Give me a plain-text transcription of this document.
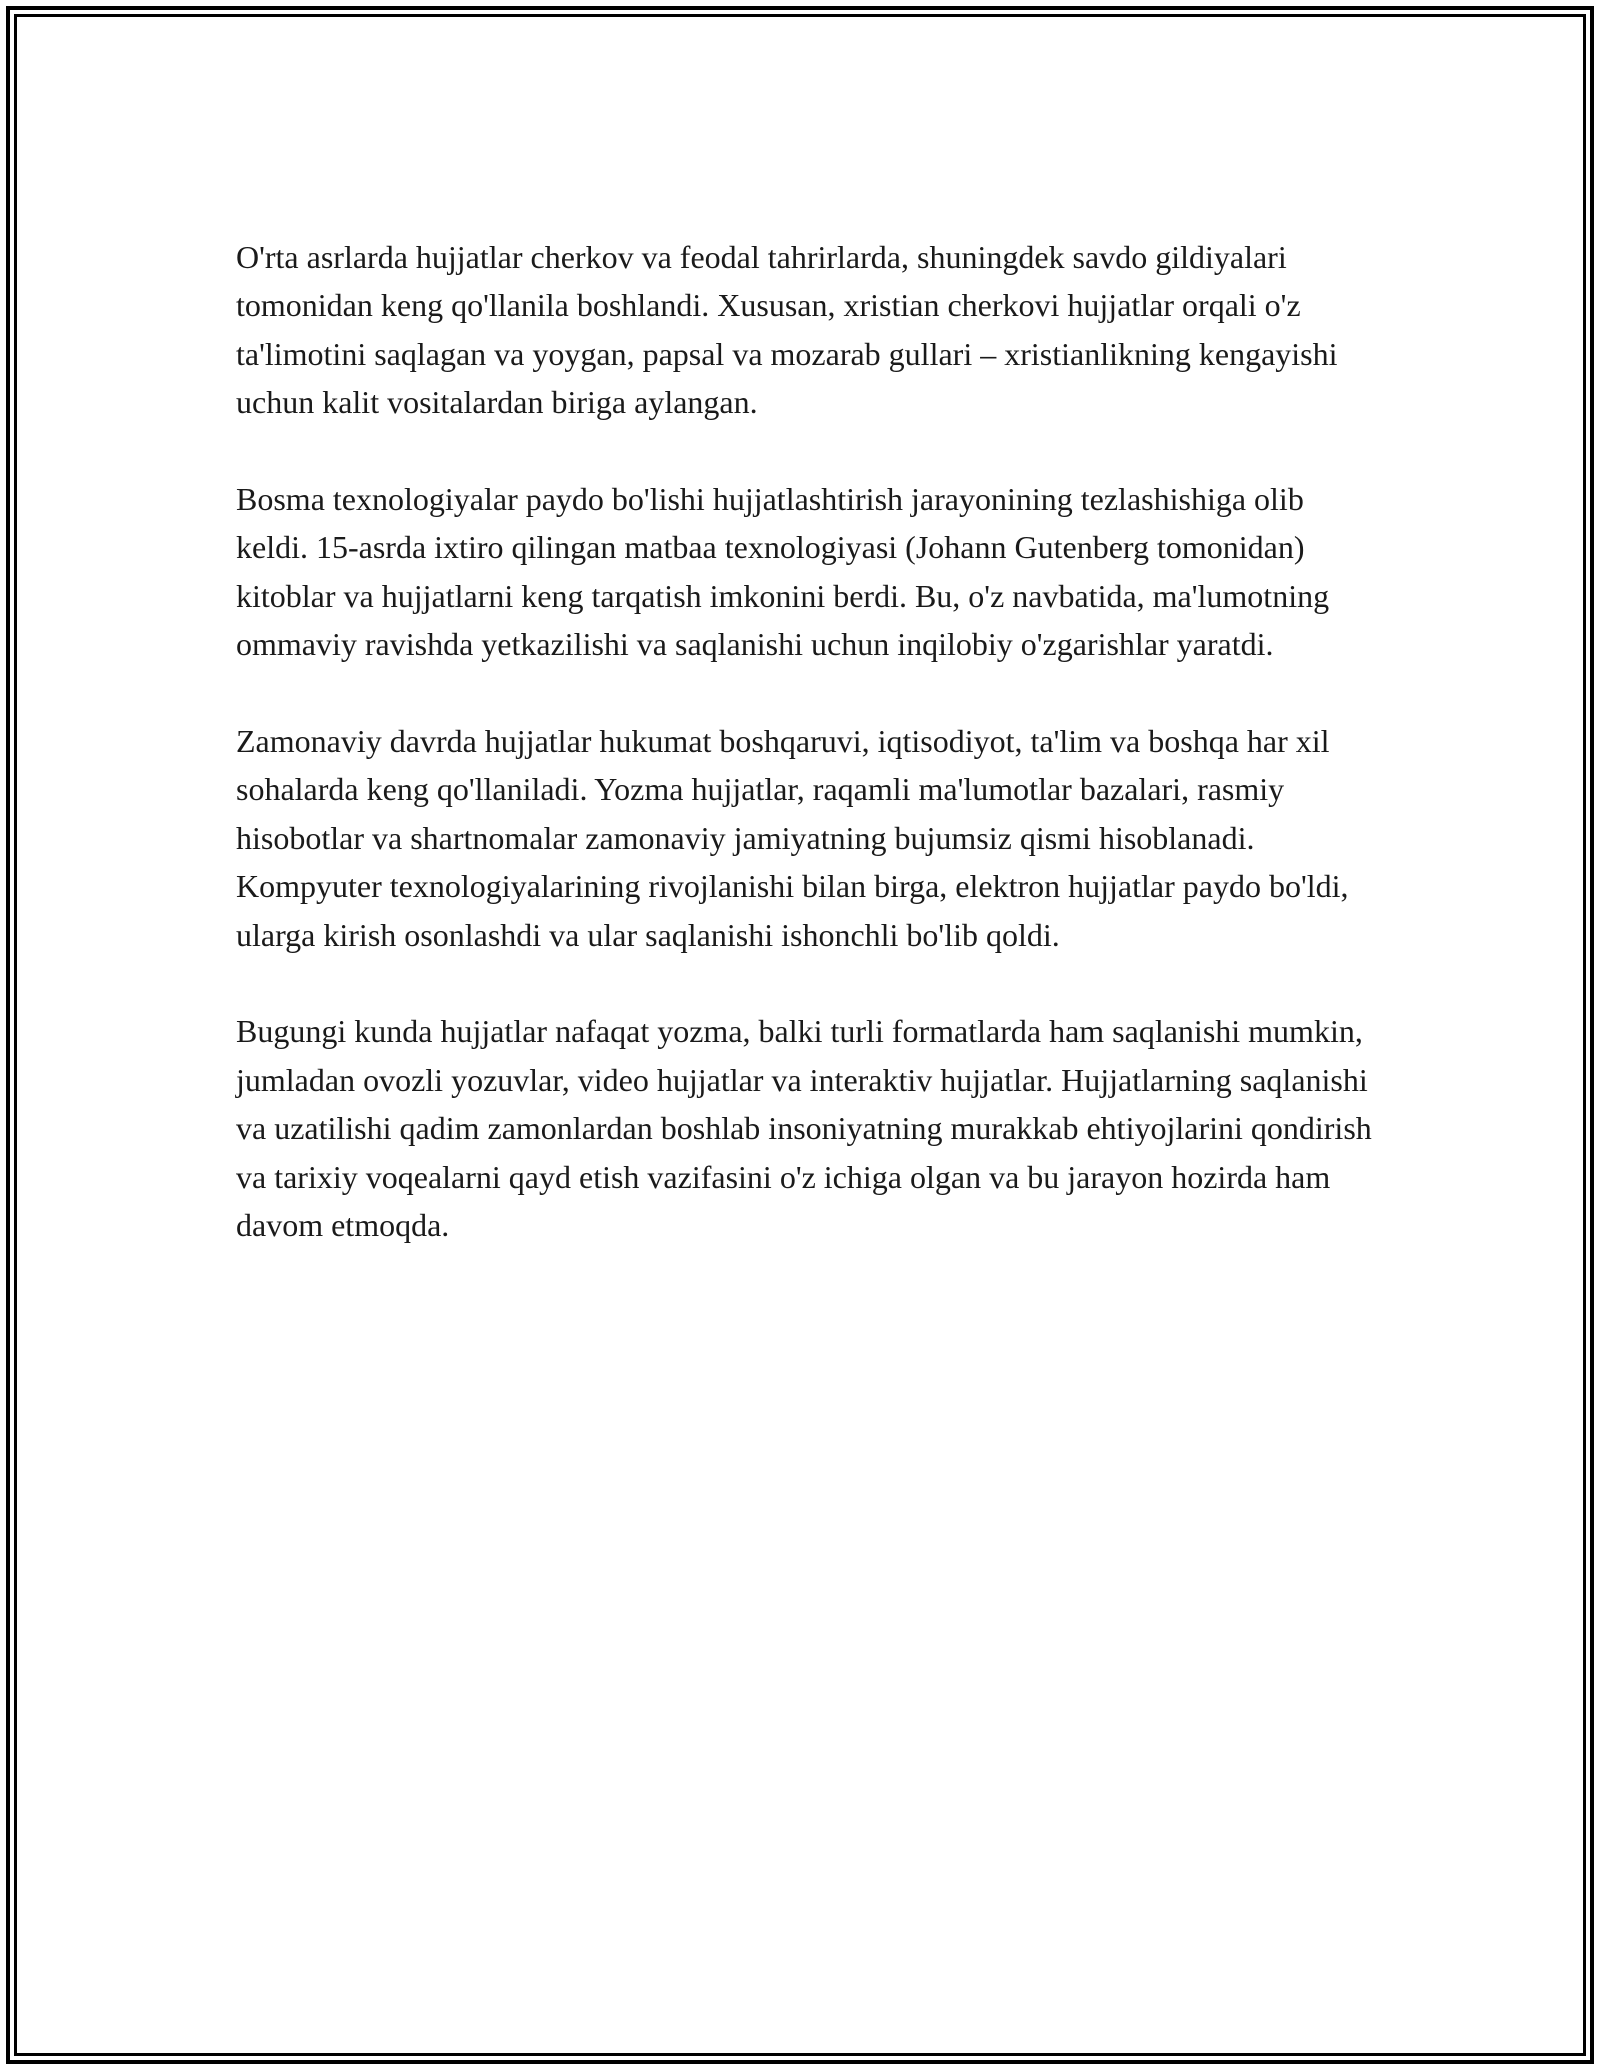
O'rta asrlarda hujjatlar cherkov va feodal tahrirlarda, shuningdek savdo gildiyalari tomonidan keng qo'llanila boshlandi. Xususan, xristian cherkovi hujjatlar orqali o'z ta'limotini saqlagan va yoygan, papsal va mozarab gullari – xristianlikning kengayishi uchun kalit vositalardan biriga aylangan.

Bosma texnologiyalar paydo bo'lishi hujjatlashtirish jarayonining tezlashishiga olib keldi. 15-asrda ixtiro qilingan matbaa texnologiyasi (Johann Gutenberg tomonidan) kitoblar va hujjatlarni keng tarqatish imkonini berdi. Bu, o'z navbatida, ma'lumotning ommaviy ravishda yetkazilishi va saqlanishi uchun inqilobiy o'zgarishlar yaratdi.

Zamonaviy davrda hujjatlar hukumat boshqaruvi, iqtisodiyot, ta'lim va boshqa har xil sohalarda keng qo'llaniladi. Yozma hujjatlar, raqamli ma'lumotlar bazalari, rasmiy hisobotlar va shartnomalar zamonaviy jamiyatning bujumsiz qismi hisoblanadi. Kompyuter texnologiyalarining rivojlanishi bilan birga, elektron hujjatlar paydo bo'ldi, ularga kirish osonlashdi va ular saqlanishi ishonchli bo'lib qoldi.

Bugungi kunda hujjatlar nafaqat yozma, balki turli formatlarda ham saqlanishi mumkin, jumladan ovozli yozuvlar, video hujjatlar va interaktiv hujjatlar. Hujjatlarning saqlanishi va uzatilishi qadim zamonlardan boshlab insoniyatning murakkab ehtiyojlarini qondirish va tarixiy voqealarni qayd etish vazifasini o'z ichiga olgan va bu jarayon hozirda ham davom etmoqda.
